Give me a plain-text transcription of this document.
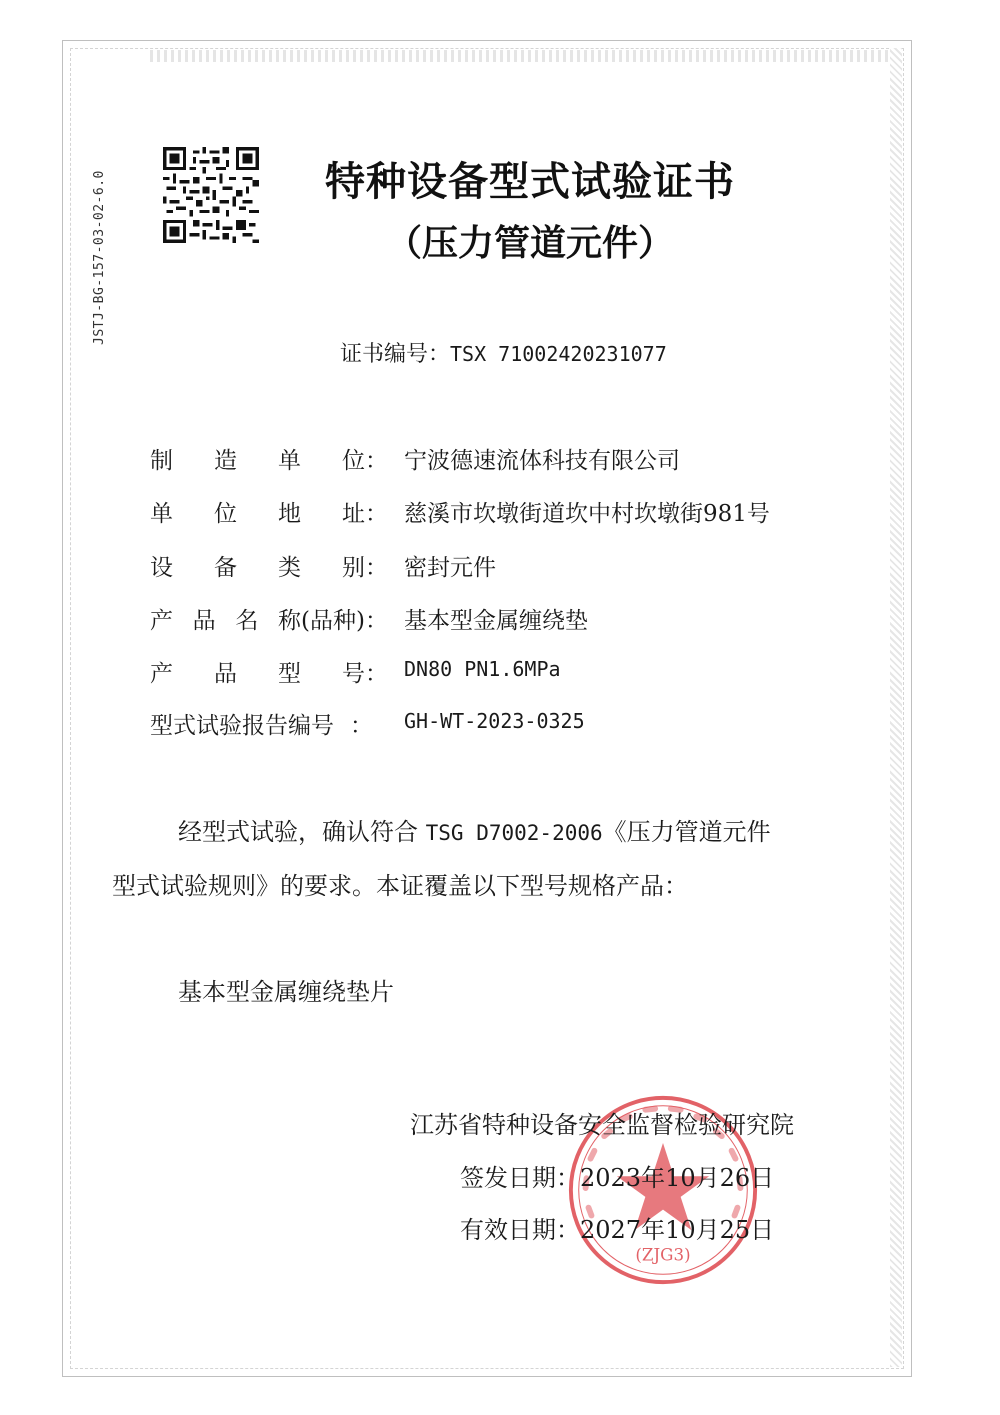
JSTJ-BG-157-03-02-6.0	特种设备型式试验证书
（压力管道元件）
证书编号：TSX 71002420231077
制 造 单 位 ： 宁波德速流体科技有限公司
单 位 地 址 ： 慈溪市坎墩街道坎中村坎墩街981号
设 备 类 别 ： 密封元件
产 品 名 称(品种) ： 基本型金属缠绕垫
产 品 型 号 ： DN80 PN1.6MPa
型式试验报告编号 ： GH-WT-2023-0325
经型式试验，确认符合 TSG D7002-2006《压力管道元件
型式试验规则》的要求。本证覆盖以下型号规格产品：
基本型金属缠绕垫片
(ZJG3)
江苏省特种设备安全监督检验研究院
签发日期：2023年10月26日
有效日期：2027年10月25日
